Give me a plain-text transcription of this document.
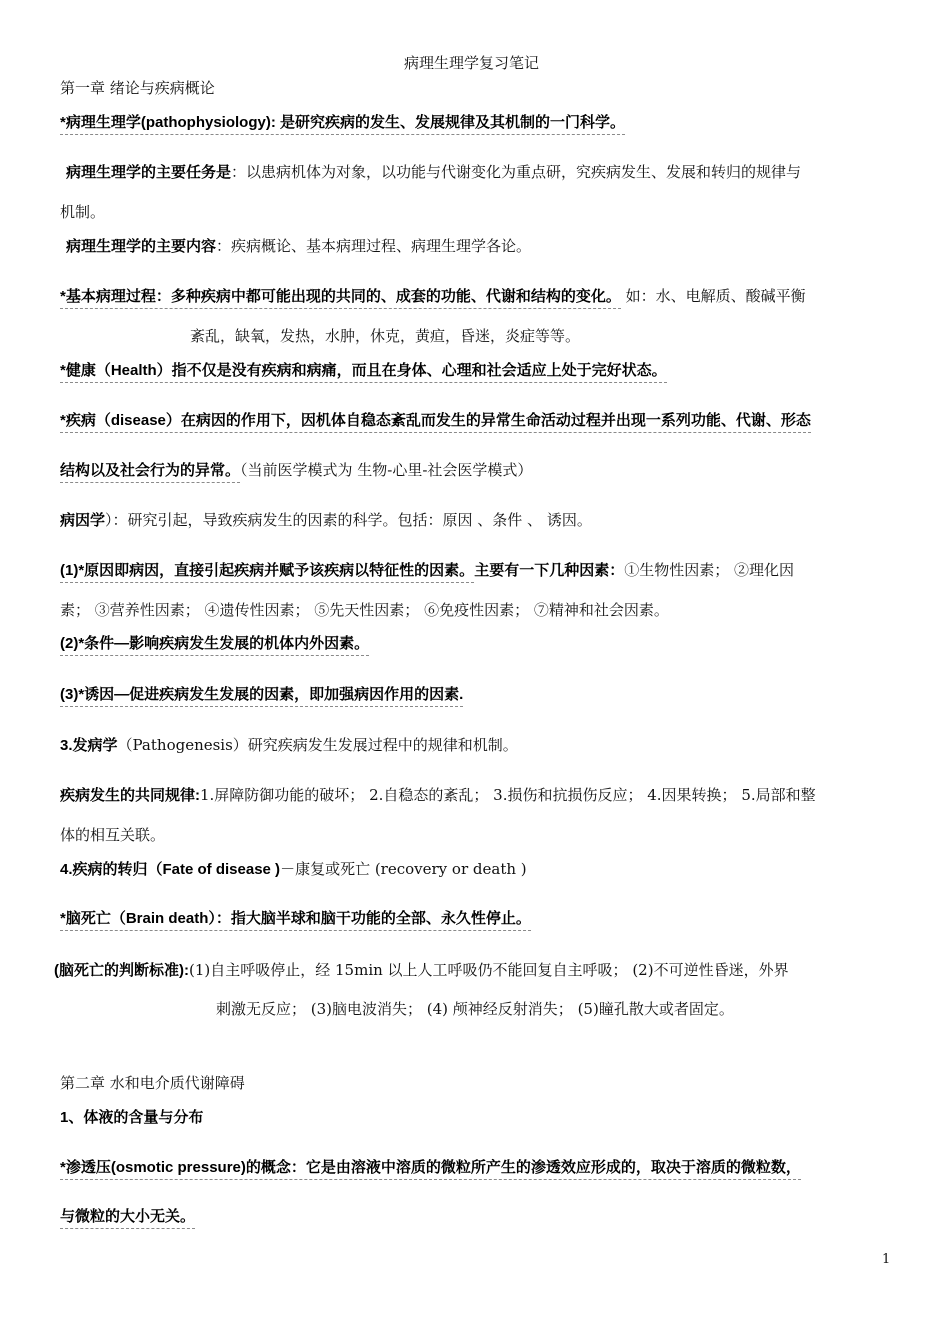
病理生理学复习笔记
第一章 绪论与疾病概论
*病理生理学(pathophysiology): 是研究疾病的发生、发展规律及其机制的一门科学。
病理生理学的主要任务是：以患病机体为对象，以功能与代谢变化为重点研，究疾病发生、发展和转归的规律与
机制。
病理生理学的主要内容：疾病概论、基本病理过程、病理生理学各论。
*基本病理过程：多种疾病中都可能出现的共同的、成套的功能、代谢和结构的变化。 如：水、电解质、酸碱平衡
紊乱，缺氧，发热，水肿，休克，黄疸，昏迷，炎症等等。
*健康（Health）指不仅是没有疾病和病痛，而且在身体、心理和社会适应上处于完好状态。
*疾病（disease）在病因的作用下，因机体自稳态紊乱而发生的异常生命活动过程并出现一系列功能、代谢、形态
结构以及社会行为的异常。（当前医学模式为 生物-心里-社会医学模式）
病因学）：研究引起，导致疾病发生的因素的科学。包括：原因 、条件 、 诱因。
(1)*原因即病因，直接引起疾病并赋予该疾病以特征性的因素。主要有一下几种因素：①生物性因素； ②理化因
素； ③营养性因素； ④遗传性因素； ⑤先天性因素； ⑥免疫性因素； ⑦精神和社会因素。
(2)*条件—影响疾病发生发展的机体内外因素。
(3)*诱因—促进疾病发生发展的因素，即加强病因作用的因素.
3.发病学（Pathogenesis）研究疾病发生发展过程中的规律和机制。
疾病发生的共同规律:1.屏障防御功能的破坏； 2.自稳态的紊乱； 3.损伤和抗损伤反应； 4.因果转换； 5.局部和整
体的相互关联。
4.疾病的转归（Fate of disease )－康复或死亡 (recovery or death )
*脑死亡（Brain death）：指大脑半球和脑干功能的全部、永久性停止。
(脑死亡的判断标准):(1)自主呼吸停止，经 15min 以上人工呼吸仍不能回复自主呼吸； (2)不可逆性昏迷，外界
刺激无反应； (3)脑电波消失； (4) 颅神经反射消失； (5)瞳孔散大或者固定。
第二章 水和电介质代谢障碍
1、体液的含量与分布
*渗透压(osmotic pressure)的概念：它是由溶液中溶质的微粒所产生的渗透效应形成的，取决于溶质的微粒数，
与微粒的大小无关。
1
